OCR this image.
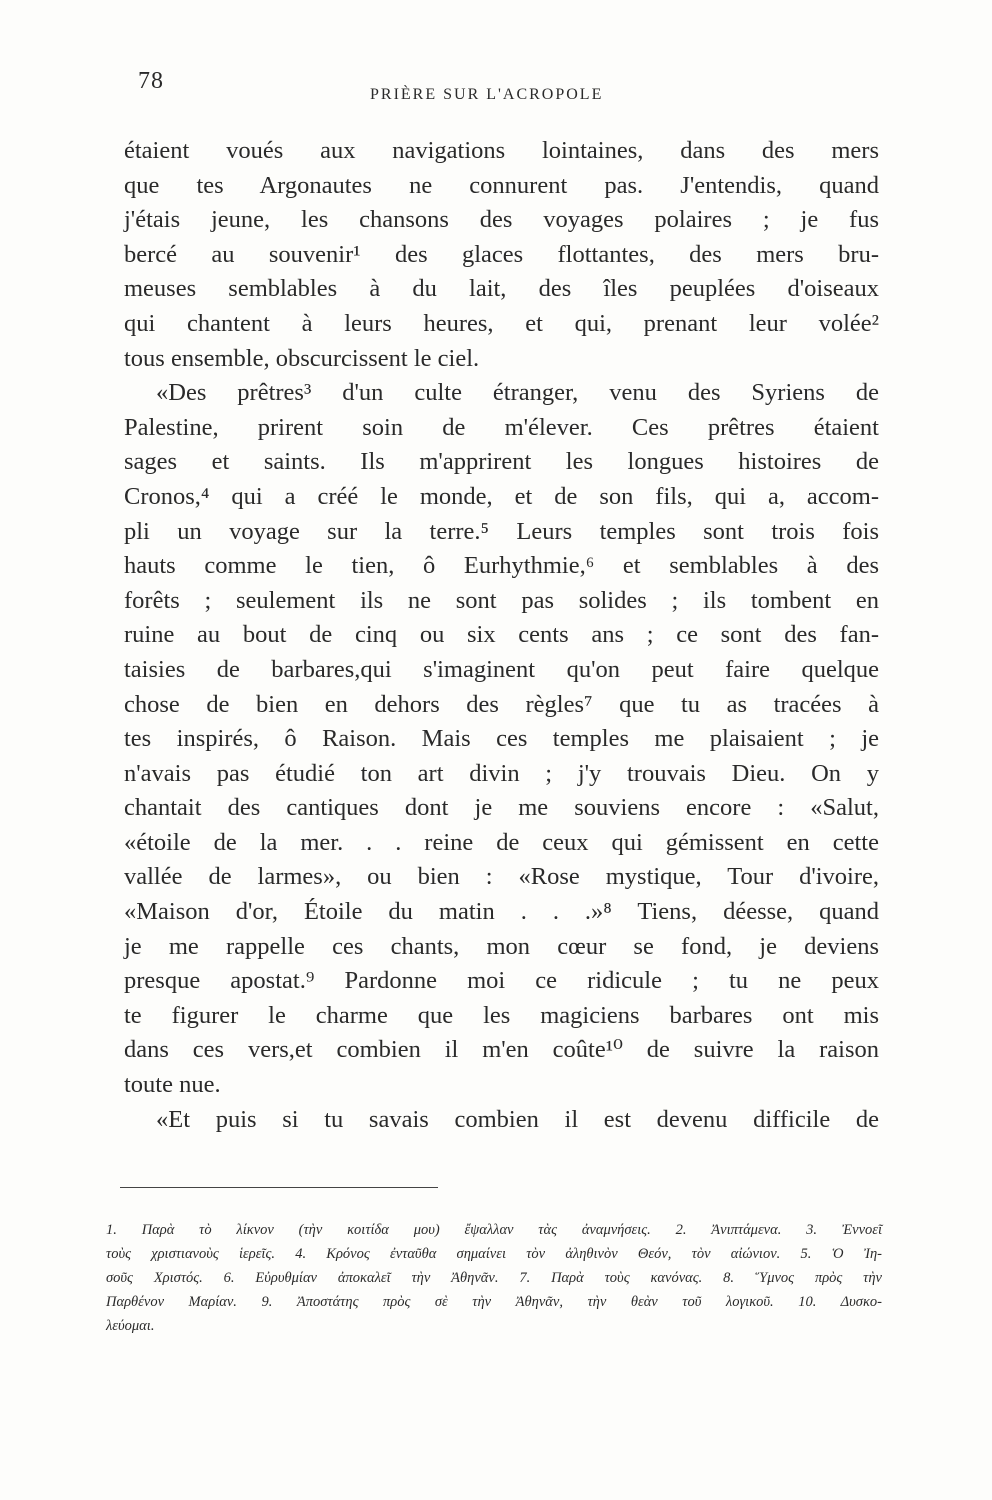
78
PRIÈRE SUR L'ACROPOLE
étaient voués aux navigations lointaines, dans des mers
que tes Argonautes ne connurent pas. J'entendis, quand
j'étais jeune, les chansons des voyages polaires ; je fus
bercé au souvenir¹ des glaces flottantes, des mers bru-
meuses semblables à du lait, des îles peuplées d'oiseaux
qui chantent à leurs heures, et qui, prenant leur volée²
tous ensemble, obscurcissent le ciel.
«Des prêtres³ d'un culte étranger, venu des Syriens de
Palestine, prirent soin de m'élever. Ces prêtres étaient
sages et saints. Ils m'apprirent les longues histoires de
Cronos,⁴ qui a créé le monde, et de son fils, qui a, accom-
pli un voyage sur la terre.⁵ Leurs temples sont trois fois
hauts comme le tien, ô Eurhythmie,⁶ et semblables à des
forêts ; seulement ils ne sont pas solides ; ils tombent en
ruine au bout de cinq ou six cents ans ; ce sont des fan-
taisies de barbares,qui s'imaginent qu'on peut faire quelque
chose de bien en dehors des règles⁷ que tu as tracées à
tes inspirés, ô Raison. Mais ces temples me plaisaient ; je
n'avais pas étudié ton art divin ; j'y trouvais Dieu. On y
chantait des cantiques dont je me souviens encore : «Salut,
«étoile de la mer. . . reine de ceux qui gémissent en cette
vallée de larmes», ou bien : «Rose mystique, Tour d'ivoire,
«Maison d'or, Étoile du matin . . .»⁸ Tiens, déesse, quand
je me rappelle ces chants, mon cœur se fond, je deviens
presque apostat.⁹ Pardonne moi ce ridicule ; tu ne peux
te figurer le charme que les magiciens barbares ont mis
dans ces vers,et combien il m'en coûte¹⁰ de suivre la raison
toute nue.
«Et puis si tu savais combien il est devenu difficile de
1. Παρὰ τὸ λίκνον (τὴν κοιτίδα μου) ἔψαλλαν τὰς ἀναμνήσεις. 2. Ἀνιπτάμενα. 3. Ἐννοεῖ
τοὺς χριστιανοὺς ἱερεῖς. 4. Κρόνος ἐνταῦθα σημαίνει τὸν ἀληθινὸν Θεόν, τὸν αἰώνιον. 5. Ὁ Ἰη-
σοῦς Χριστός. 6. Εὐρυθμίαν ἀποκαλεῖ τὴν Ἀθηνᾶν. 7. Παρὰ τοὺς κανόνας. 8. Ὕμνος πρὸς τὴν
Παρθένον Μαρίαν. 9. Ἀποστάτης πρὸς σὲ τὴν Ἀθηνᾶν, τὴν θεὰν τοῦ λογικοῦ. 10. Δυσκο-
λεύομαι.
